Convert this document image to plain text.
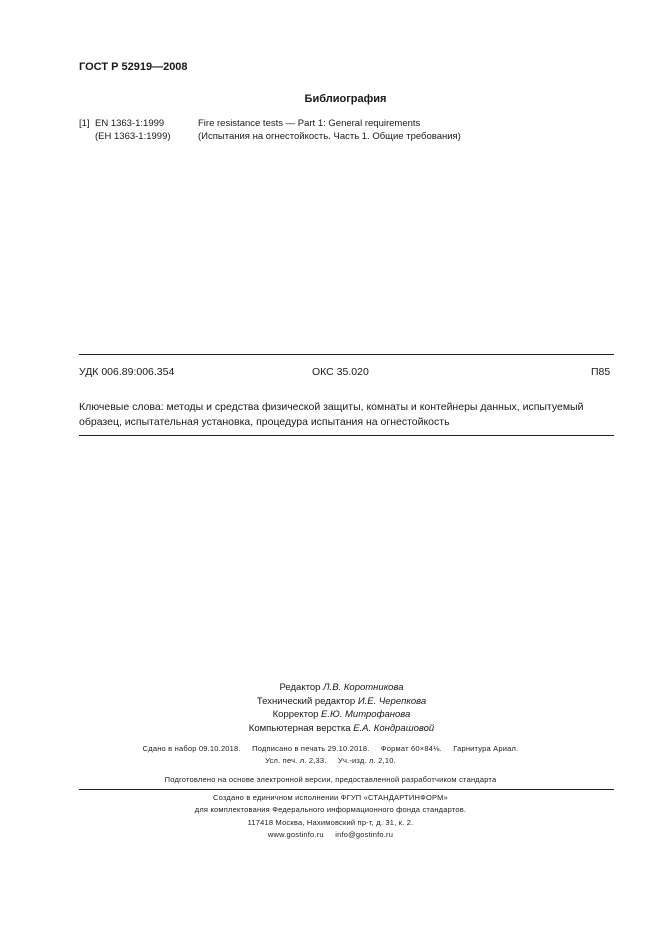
ГОСТ Р 52919—2008
Библиография
[1] EN 1363-1:1999
(ЕН 1363-1:1999)
Fire resistance tests — Part 1: General requirements
(Испытания на огнестойкость. Часть 1. Общие требования)
УДК 006.89:006.354	ОКС 35.020	П85
Ключевые слова: методы и средства физической защиты, комнаты и контейнеры данных, испытуемый образец, испытательная установка, процедура испытания на огнестойкость
Редактор Л.В. Коротникова
Технический редактор И.Е. Черепкова
Корректор Е.Ю. Митрофанова
Компьютерная верстка Е.А. Кондрашовой
Сдано в набор 09.10.2018.     Подписано в печать 29.10.2018.     Формат 60×84⅛.     Гарнитура Ариал.
Усл. печ. л. 2,33.     Уч.-изд. л. 2,10.
Подготовлено на основе электронной версии, предоставленной разработчиком стандарта
Создано в единичном исполнении ФГУП «СТАНДАРТИНФОРМ»
для комплектования Федерального информационного фонда стандартов.
117418 Москва, Нахимовский пр-т, д. 31, к. 2.
www.gostinfo.ru     info@gostinfo.ru
